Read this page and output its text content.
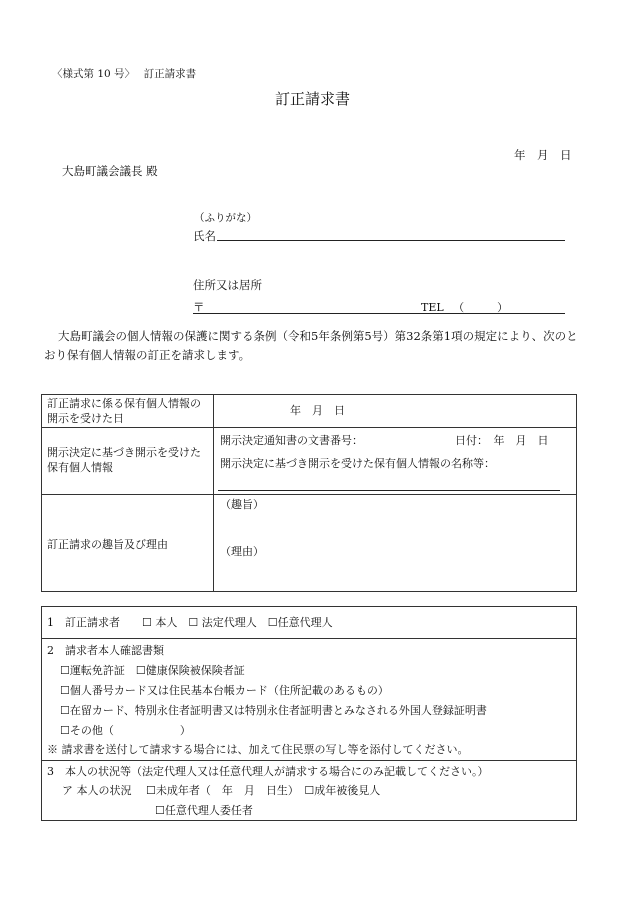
〈様式第 10 号〉　 訂正請求書
訂正請求書
年　月　日
大島町議会議長 殿
（ふりがな）
氏名
住所又は居所
〒	TEL （　　　）
大島町議会の個人情報の保護に関する条例（令和5年条例第5号）第32条第1項の規定により、次のとおり保有個人情報の訂正を請求します。
訂正請求に係る保有個人情報の開示を受けた日
年　月　日
開示決定に基づき開示を受けた保有個人情報
開示決定通知書の文書番号：	日付：　年　月　日
開示決定に基づき開示を受けた保有個人情報の名称等：
訂正請求の趣旨及び理由
（趣旨）
（理由）
1　訂正請求者　　☐ 本人　☐ 法定代理人　☐任意代理人
2　請求者本人確認書類
☐運転免許証　☐健康保険被保険者証
☐個人番号カード又は住民基本台帳カード（住所記載のあるもの）
☐在留カード、特別永住者証明書又は特別永住者証明書とみなされる外国人登録証明書
☐その他（　　　　　　）
※ 請求書を送付して請求する場合には、加えて住民票の写し等を添付してください。
3　本人の状況等（法定代理人又は任意代理人が請求する場合にのみ記載してください。）
ア 本人の状況　 ☐未成年者（　年　月　日生）　☐成年被後見人
☐任意代理人委任者
